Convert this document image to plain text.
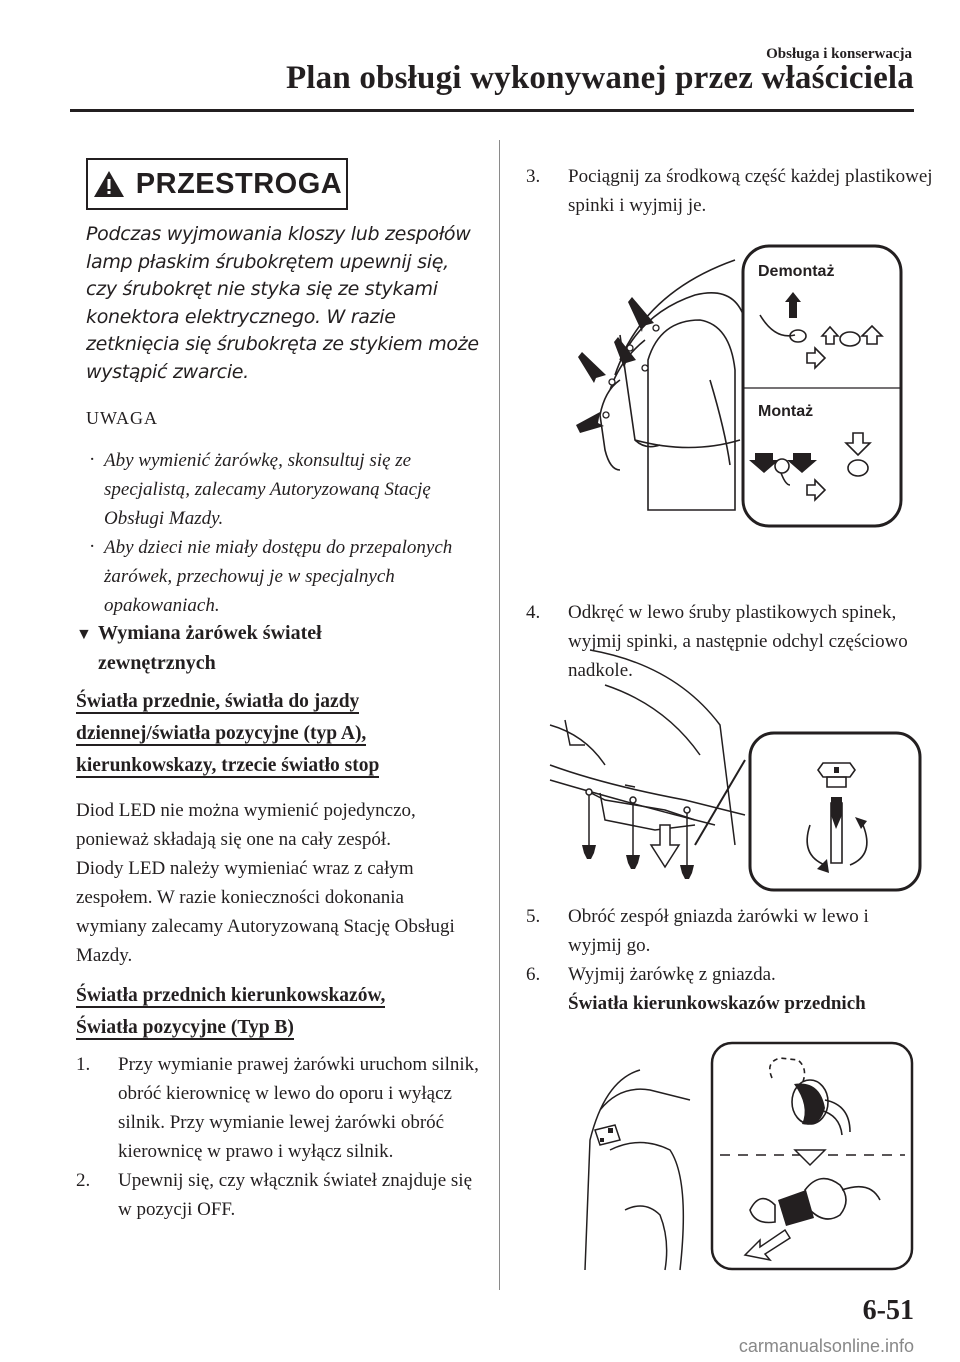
Obsługa i konserwacja
Plan obsługi wykonywanej przez właściciela
PRZESTROGA
Podczas wyjmowania kloszy lub zespołów lamp płaskim śrubokrętem upewnij się, czy śrubokręt nie styka się ze stykami konektora elektrycznego. W razie zetknięcia się śrubokręta ze stykiem może wystąpić zwarcie.
UWAGA
· Aby wymienić żarówkę, skonsultuj się ze specjalistą, zalecamy Autoryzowaną Stację Obsługi Mazdy.
· Aby dzieci nie miały dostępu do przepalonych żarówek, przechowuj je w specjalnych opakowaniach.
▼ Wymiana żarówek świateł
zewnętrznych
Światła przednie, światła do jazdy
dziennej/światła pozycyjne (typ A),
kierunkowskazy, trzecie światło stop
Diod LED nie można wymienić pojedynczo, ponieważ składają się one na cały zespół.
Diody LED należy wymieniać wraz z całym zespołem. W razie konieczności dokonania wymiany zalecamy Autoryzowaną Stację Obsługi Mazdy.
Światła przednich kierunkowskazów,
Światła pozycyjne (Typ B)
1. Przy wymianie prawej żarówki uruchom silnik, obróć kierownicę w lewo do oporu i wyłącz silnik. Przy wymianie lewej żarówki obróć kierownicę w prawo i wyłącz silnik.
2. Upewnij się, czy włącznik świateł znajduje się w pozycji OFF.
3. Pociągnij za środkową część każdej plastikowej spinki i wyjmij je.
Demontaż
Montaż
4. Odkręć w lewo śruby plastikowych spinek, wyjmij spinki, a następnie odchyl częściowo nadkole.
5. Obróć zespół gniazda żarówki w lewo i wyjmij go.
6. Wyjmij żarówkę z gniazda.
Światła kierunkowskazów przednich
6-51
carmanualsonline.info
